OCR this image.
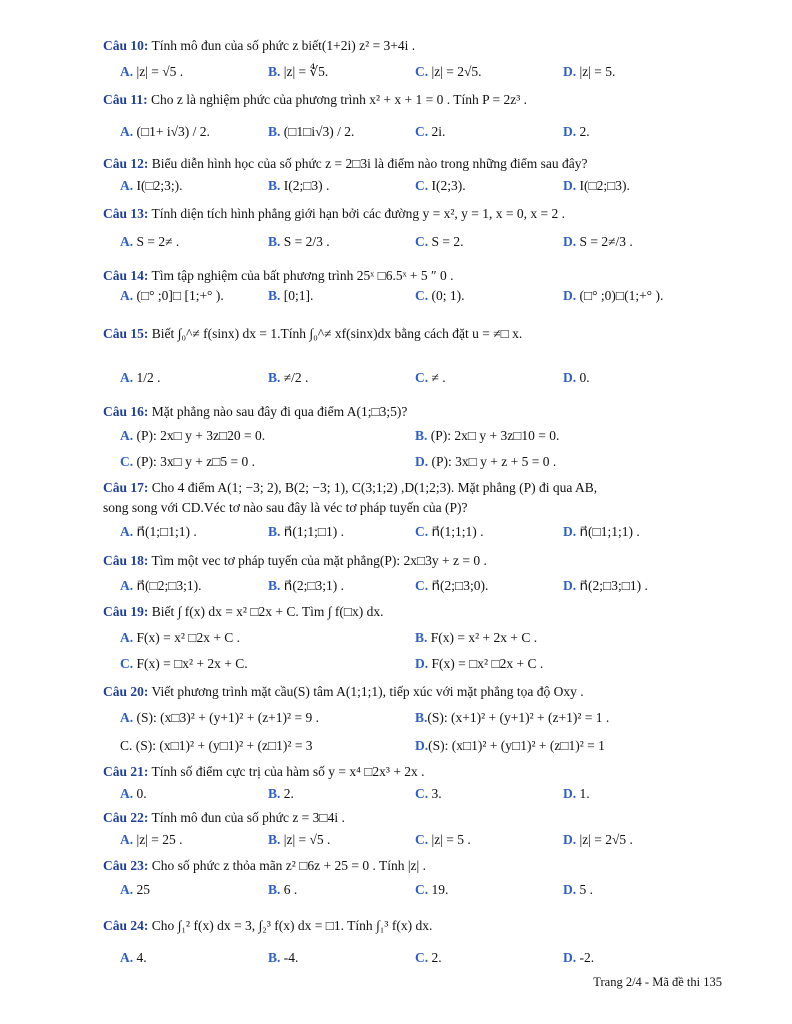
Câu 10: Tính mô đun của số phức z biết(1+2i) z² = 3+4i .
A. |z| = √5 .	B. |z| = ∜5.	C. |z| = 2√5.	D. |z| = 5.
Câu 11: Cho z là nghiệm phức của phương trình x² + x + 1 = 0 . Tính P = 2z³ .
A. (□1+ i√3) / 2.	B. (□1□i√3) / 2.	C. 2i.	D. 2.
Câu 12: Biểu diễn hình học của số phức z = 2□3i là điểm nào trong những điểm sau đây?
A. I(□2;3;).	B. I(2;□3) .	C. I(2;3).	D. I(□2;□3).
Câu 13: Tính diện tích hình phẳng giới hạn bởi các đường y = x², y = 1, x = 0, x = 2 .
A. S = 2≠ .	B. S = 2/3 .	C. S = 2.	D. S = 2≠/3 .
Câu 14: Tìm tập nghiệm của bất phương trình 25ˣ □6.5ˣ + 5 ″ 0 .
A. (□° ;0]□ [1;+° ).	B. [0;1].	C. (0; 1).	D. (□° ;0)□(1;+° ).
Câu 15: Biết ∫₀^≠ f(sinx) dx = 1.Tính ∫₀^≠ xf(sinx)dx bằng cách đặt u = ≠□ x.
A. 1/2 .	B. ≠/2 .	C. ≠ .	D. 0.
Câu 16: Mặt phẳng nào sau đây đi qua điểm A(1;□3;5)?
A. (P): 2x□ y + 3z□20 = 0.	B. (P): 2x□ y + 3z□10 = 0.
C. (P): 3x□ y + z□5 = 0 .	D. (P): 3x□ y + z + 5 = 0 .
Câu 17: Cho 4 điểm A(1; −3; 2), B(2; −3; 1), C(3;1;2) ,D(1;2;3). Mặt phẳng (P) đi qua AB,
song song với CD.Véc tơ nào sau đây là véc tơ pháp tuyến của (P)?
A. n⃗(1;□1;1) .	B. n⃗(1;1;□1) .	C. n⃗(1;1;1) .	D. n⃗(□1;1;1) .
Câu 18: Tìm một vec tơ pháp tuyến của mặt phẳng(P): 2x□3y + z = 0 .
A. n⃗(□2;□3;1).	B. n⃗(2;□3;1) .	C. n⃗(2;□3;0).	D. n⃗(2;□3;□1) .
Câu 19: Biết ∫ f(x) dx = x² □2x + C. Tìm ∫ f(□x) dx.
A. F(x) = x² □2x + C .	B. F(x) = x² + 2x + C .
C. F(x) = □x² + 2x + C.	D. F(x) = □x² □2x + C .
Câu 20: Viết phương trình mặt cầu(S) tâm A(1;1;1), tiếp xúc với mặt phẳng tọa độ Oxy .
A. (S): (x□3)² + (y+1)² + (z+1)² = 9 .	B.(S): (x+1)² + (y+1)² + (z+1)² = 1 .
C. (S): (x□1)² + (y□1)² + (z□1)² = 3	D.(S): (x□1)² + (y□1)² + (z□1)² = 1
Câu 21: Tính số điểm cực trị của hàm số y = x⁴ □2x³ + 2x .
A. 0.	B. 2.	C. 3.	D. 1.
Câu 22: Tính mô đun của số phức z = 3□4i .
A. |z| = 25 .	B. |z| = √5 .	C. |z| = 5 .	D. |z| = 2√5 .
Câu 23: Cho số phức z thỏa mãn z² □6z + 25 = 0 . Tính |z| .
A. 25	B. 6 .	C. 19.	D. 5 .
Câu 24: Cho ∫₁² f(x) dx = 3, ∫₂³ f(x) dx = □1. Tính ∫₁³ f(x) dx.
A. 4.	B. -4.	C. 2.	D. -2.
Trang 2/4 - Mã đề thi 135
